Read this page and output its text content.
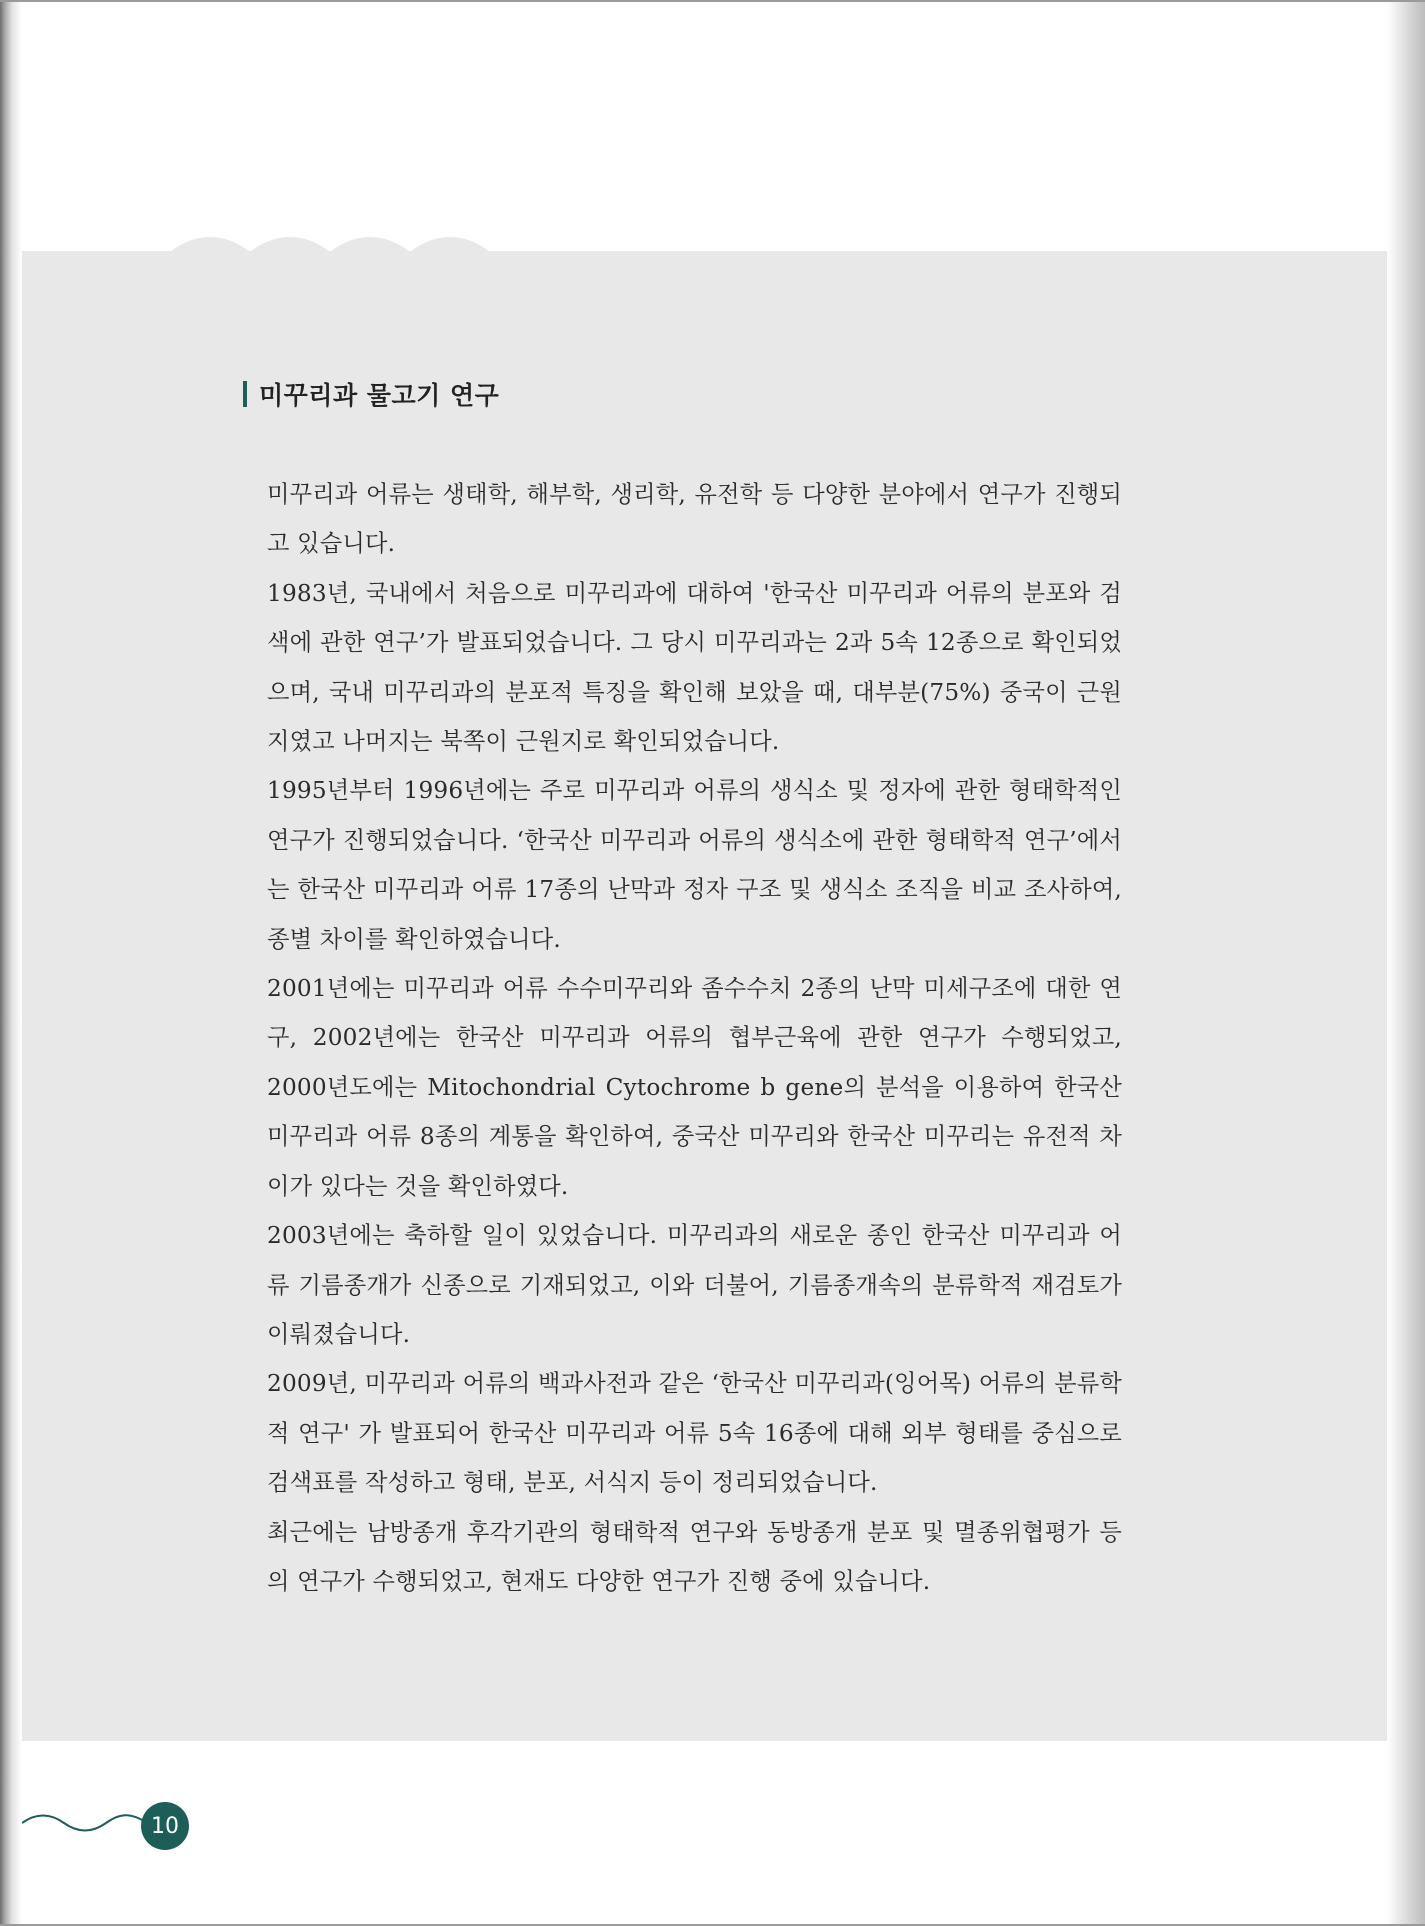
미꾸리과 물고기 연구

미꾸리과 어류는 생태학, 해부학, 생리학, 유전학 등 다양한 분야에서 연구가 진행되고 있습니다.

1983년, 국내에서 처음으로 미꾸리과에 대하여 '한국산 미꾸리과 어류의 분포와 검색에 관한 연구’가 발표되었습니다. 그 당시 미꾸리과는 2과 5속 12종으로 확인되었으며, 국내 미꾸리과의 분포적 특징을 확인해 보았을 때, 대부분(75%) 중국이 근원지였고 나머지는 북쪽이 근원지로 확인되었습니다.

1995년부터 1996년에는 주로 미꾸리과 어류의 생식소 및 정자에 관한 형태학적인 연구가 진행되었습니다. ‘한국산 미꾸리과 어류의 생식소에 관한 형태학적 연구’에서는 한국산 미꾸리과 어류 17종의 난막과 정자 구조 및 생식소 조직을 비교 조사하여, 종별 차이를 확인하였습니다.

2001년에는 미꾸리과 어류 수수미꾸리와 좀수수치 2종의 난막 미세구조에 대한 연구, 2002년에는 한국산 미꾸리과 어류의 협부근육에 관한 연구가 수행되었고, 2000년도에는 Mitochondrial Cytochrome b gene의 분석을 이용하여 한국산 미꾸리과 어류 8종의 계통을 확인하여, 중국산 미꾸리와 한국산 미꾸리는 유전적 차이가 있다는 것을 확인하였다.

2003년에는 축하할 일이 있었습니다. 미꾸리과의 새로운 종인 한국산 미꾸리과 어류 기름종개가 신종으로 기재되었고, 이와 더불어, 기름종개속의 분류학적 재검토가 이뤄졌습니다.

2009년, 미꾸리과 어류의 백과사전과 같은 ‘한국산 미꾸리과(잉어목) 어류의 분류학적 연구' 가 발표되어 한국산 미꾸리과 어류 5속 16종에 대해 외부 형태를 중심으로 검색표를 작성하고 형태, 분포, 서식지 등이 정리되었습니다.

최근에는 남방종개 후각기관의 형태학적 연구와 동방종개 분포 및 멸종위협평가 등의 연구가 수행되었고, 현재도 다양한 연구가 진행 중에 있습니다.

10
